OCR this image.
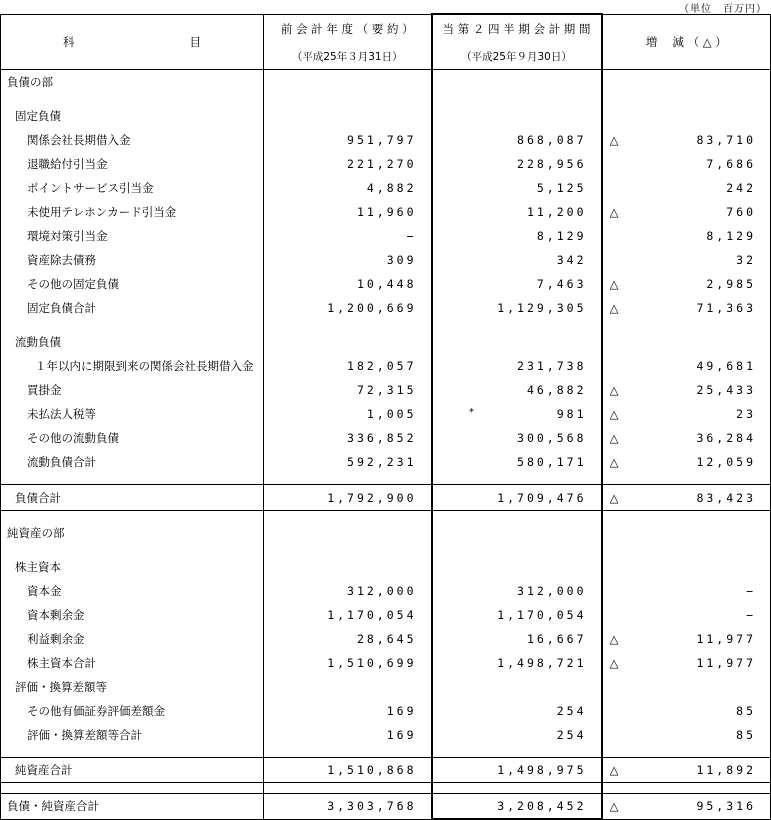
（単位　百万円）
科　　　　　　　　　　目	前 会 計 年 度 （ 要 約 ）	当 第 ２ 四 半 期 会 計 期 間	増　 減 （ △ ）	
	（平成25年３月31日）	（平成25年９月30日）		
負債の部				

固定負債				
関係会社長期借入金	951,797	868,087	△	83,710
退職給付引当金	221,270	228,956		7,686
ポイントサービス引当金	4,882	5,125		242
未使用テレホンカード引当金	11,960	11,200	△	760
環境対策引当金	−	8,129		8,129
資産除去債務	309	342		32
その他の固定負債	10,448	7,463	△	2,985
固定負債合計	1,200,669	1,129,305	△	71,363

流動負債				
１年以内に期限到来の関係会社長期借入金	182,057	231,738		49,681
買掛金	72,315	46,882	△	25,433
未払法人税等	1,005	* 981	△	23
その他の流動負債	336,852	300,568	△	36,284
流動負債合計	592,231	580,171	△	12,059

負債合計	1,792,900	1,709,476	△	83,423

純資産の部				

株主資本				
資本金	312,000	312,000		−
資本剰余金	1,170,054	1,170,054		−
利益剰余金	28,645	16,667	△	11,977
株主資本合計	1,510,699	1,498,721	△	11,977
評価・換算差額等				
その他有価証券評価差額金	169	254		85
評価・換算差額等合計	169	254		85

純資産合計	1,510,868	1,498,975	△	11,892

負債・純資産合計	3,303,768	3,208,452	△	95,316
